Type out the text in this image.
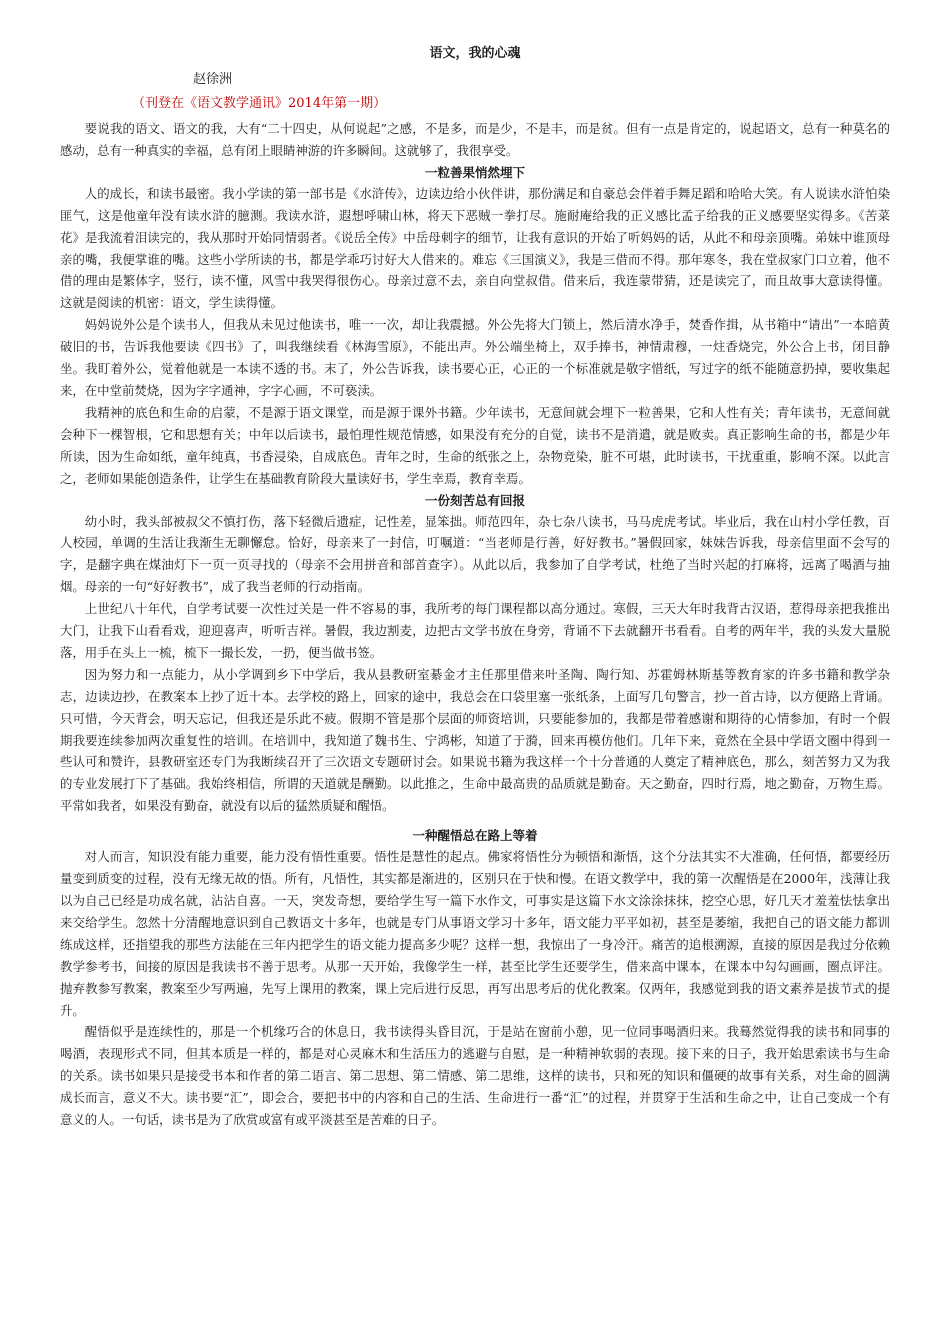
语文，我的心魂
赵徐洲
（刊登在《语文教学通讯》2014年第一期）

要说我的语文、语文的我，大有“二十四史，从何说起”之感，不是多，而是少，不是丰，而是贫。但有一点是肯定的，说起语文，总有一种莫名的感动，总有一种真实的幸福，总有闭上眼睛神游的许多瞬间。这就够了，我很享受。

一粒善果悄然埋下

人的成长，和读书最密。我小学读的第一部书是《水浒传》，边读边给小伙伴讲，那份满足和自豪总会伴着手舞足蹈和哈哈大笑。有人说读水浒怕染匪气，这是他童年没有读水浒的臆测。我读水浒，遐想呼啸山林，将天下恶贼一拳打尽。施耐庵给我的正义感比孟子给我的正义感要坚实得多。《苦菜花》是我流着泪读完的，我从那时开始同情弱者。《说岳全传》中岳母刺字的细节，让我有意识的开始了听妈妈的话，从此不和母亲顶嘴。弟妹中谁顶母亲的嘴，我便掌谁的嘴。这些小学所读的书，都是学乖巧讨好大人借来的。难忘《三国演义》，我是三借而不得。那年寒冬，我在堂叔家门口立着，他不借的理由是繁体字，竖行，读不懂，风雪中我哭得很伤心。母亲过意不去，亲自向堂叔借。借来后，我连蒙带猜，还是读完了，而且故事大意读得懂。这就是阅读的机密：语文，学生读得懂。

妈妈说外公是个读书人，但我从未见过他读书，唯一一次，却让我震撼。外公先将大门锁上，然后清水净手，焚香作揖，从书箱中“请出”一本暗黄破旧的书，告诉我他要读《四书》了，叫我继续看《林海雪原》，不能出声。外公端坐椅上，双手捧书，神情肃穆，一炷香烧完，外公合上书，闭目静坐。我盯着外公，觉着他就是一本读不透的书。末了，外公告诉我，读书要心正，心正的一个标准就是敬字惜纸，写过字的纸不能随意扔掉，要收集起来，在中堂前焚烧，因为字字通神，字字心画，不可亵渎。

我精神的底色和生命的启蒙，不是源于语文课堂，而是源于课外书籍。少年读书，无意间就会埋下一粒善果，它和人性有关；青年读书，无意间就会种下一棵智根，它和思想有关；中年以后读书，最怕理性规范情感，如果没有充分的自觉，读书不是消遣，就是败卖。真正影响生命的书，都是少年所读，因为生命如纸，童年纯真，书香浸染，自成底色。青年之时，生命的纸张之上，杂物竞染，脏不可堪，此时读书，干扰重重，影响不深。以此言之，老师如果能创造条件，让学生在基础教育阶段大量读好书，学生幸焉，教育幸焉。

一份刻苦总有回报

幼小时，我头部被叔父不慎打伤，落下轻微后遗症，记性差，显笨拙。师范四年，杂七杂八读书，马马虎虎考试。毕业后，我在山村小学任教，百人校园，单调的生活让我渐生无聊懈怠。恰好，母亲来了一封信，叮嘱道：“当老师是行善，好好教书。”暑假回家，妹妹告诉我，母亲信里面不会写的字，是翻字典在煤油灯下一页一页寻找的（母亲不会用拼音和部首查字）。从此以后，我参加了自学考试，杜绝了当时兴起的打麻将，远离了喝酒与抽烟。母亲的一句“好好教书”，成了我当老师的行动指南。

上世纪八十年代，自学考试要一次性过关是一件不容易的事，我所考的每门课程都以高分通过。寒假，三天大年时我背古汉语，惹得母亲把我推出大门，让我下山看看戏，迎迎喜声，听听吉祥。暑假，我边割麦，边把古文学书放在身旁，背诵不下去就翻开书看看。自考的两年半，我的头发大量脱落，用手在头上一梳，梳下一撮长发，一扔，便当做书签。

因为努力和一点能力，从小学调到乡下中学后，我从县教研室綦金才主任那里借来叶圣陶、陶行知、苏霍姆林斯基等教育家的许多书籍和教学杂志，边读边抄，在教案本上抄了近十本。去学校的路上，回家的途中，我总会在口袋里塞一张纸条，上面写几句警言，抄一首古诗，以方便路上背诵。只可惜，今天背会，明天忘记，但我还是乐此不疲。假期不管是那个层面的师资培训，只要能参加的，我都是带着感谢和期待的心情参加，有时一个假期我要连续参加两次重复性的培训。在培训中，我知道了魏书生、宁鸿彬，知道了于漪，回来再模仿他们。几年下来，竟然在全县中学语文圈中得到一些认可和赞许，县教研室还专门为我断续召开了三次语文专题研讨会。如果说书籍为我这样一个十分普通的人奠定了精神底色，那么，刻苦努力又为我的专业发展打下了基础。我始终相信，所谓的天道就是酬勤。以此推之，生命中最高贵的品质就是勤奋。天之勤奋，四时行焉，地之勤奋，万物生焉。平常如我者，如果没有勤奋，就没有以后的猛然质疑和醒悟。

一种醒悟总在路上等着

对人而言，知识没有能力重要，能力没有悟性重要。悟性是慧性的起点。佛家将悟性分为顿悟和渐悟，这个分法其实不大准确，任何悟，都要经历量变到质变的过程，没有无缘无故的悟。所有，凡悟性，其实都是渐进的，区别只在于快和慢。在语文教学中，我的第一次醒悟是在2000年，浅薄让我以为自己已经是功成名就，沾沾自喜。一天，突发奇想，要给学生写一篇下水作文，可事实是这篇下水文涂涂抹抹，挖空心思，好几天才羞羞怯怯拿出来交给学生。忽然十分清醒地意识到自己教语文十多年，也就是专门从事语文学习十多年，语文能力平平如初，甚至是萎缩，我把自己的语文能力都训练成这样，还指望我的那些方法能在三年内把学生的语文能力提高多少呢？这样一想，我惊出了一身冷汗。痛苦的追根溯源，直接的原因是我过分依赖教学参考书，间接的原因是我读书不善于思考。从那一天开始，我像学生一样，甚至比学生还要学生，借来高中课本，在课本中勾勾画画，圈点评注。抛弃教参写教案，教案至少写两遍，先写上课用的教案，课上完后进行反思，再写出思考后的优化教案。仅两年，我感觉到我的语文素养是拔节式的提升。

醒悟似乎是连续性的，那是一个机缘巧合的休息日，我书读得头昏目沉，于是站在窗前小憩，见一位同事喝酒归来。我蓦然觉得我的读书和同事的喝酒，表现形式不同，但其本质是一样的，都是对心灵麻木和生活压力的逃避与自慰，是一种精神软弱的表现。接下来的日子，我开始思索读书与生命的关系。读书如果只是接受书本和作者的第二语言、第二思想、第二情感、第二思维，这样的读书，只和死的知识和僵硬的故事有关系，对生命的圆满成长而言，意义不大。读书要“汇”，即会合，要把书中的内容和自己的生活、生命进行一番“汇”的过程，并贯穿于生活和生命之中，让自己变成一个有意义的人。一句话，读书是为了欣赏或富有或平淡甚至是苦难的日子。
